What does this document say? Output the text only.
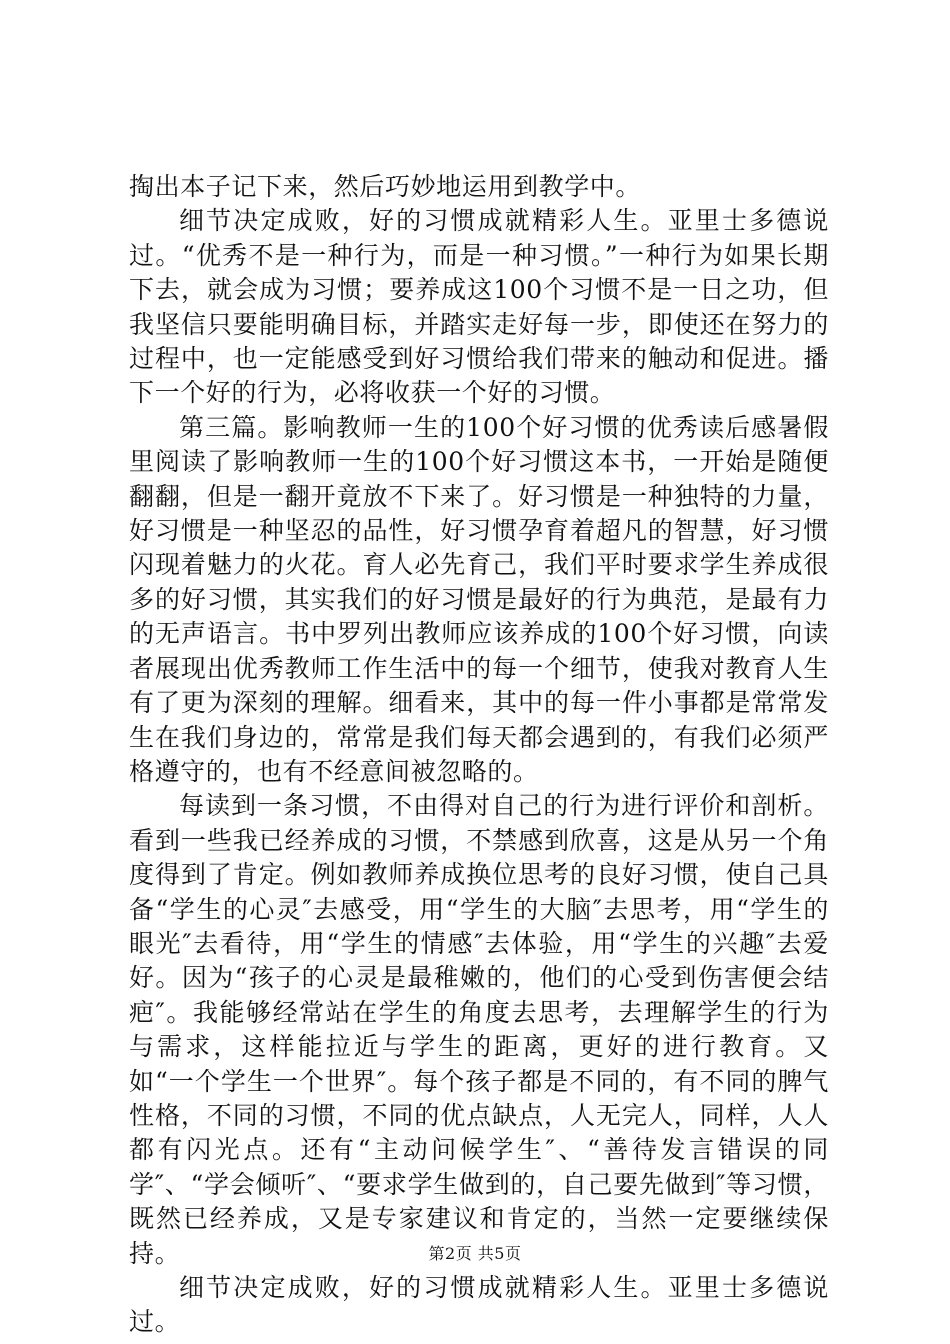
掏出本子记下来，然后巧妙地运用到教学中。

细节决定成败，好的习惯成就精彩人生。亚里士多德说过。“优秀不是一种行为，而是一种习惯。”一种行为如果长期下去，就会成为习惯；要养成这100个习惯不是一日之功，但我坚信只要能明确目标，并踏实走好每一步，即使还在努力的过程中，也一定能感受到好习惯给我们带来的触动和促进。播下一个好的行为，必将收获一个好的习惯。

第三篇。影响教师一生的100个好习惯的优秀读后感暑假里阅读了影响教师一生的100个好习惯这本书，一开始是随便翻翻，但是一翻开竟放不下来了。好习惯是一种独特的力量，好习惯是一种坚忍的品性，好习惯孕育着超凡的智慧，好习惯闪现着魅力的火花。育人必先育己，我们平时要求学生养成很多的好习惯，其实我们的好习惯是最好的行为典范，是最有力的无声语言。书中罗列出教师应该养成的100个好习惯，向读者展现出优秀教师工作生活中的每一个细节，使我对教育人生有了更为深刻的理解。细看来，其中的每一件小事都是常常发生在我们身边的，常常是我们每天都会遇到的，有我们必须严格遵守的，也有不经意间被忽略的。

每读到一条习惯，不由得对自己的行为进行评价和剖析。看到一些我已经养成的习惯，不禁感到欣喜，这是从另一个角度得到了肯定。例如教师养成换位思考的良好习惯，使自己具备“学生的心灵″去感受，用“学生的大脑″去思考，用“学生的眼光″去看待，用“学生的情感″去体验，用“学生的兴趣″去爱好。因为“孩子的心灵是最稚嫩的，他们的心受到伤害便会结疤″。我能够经常站在学生的角度去思考，去理解学生的行为与需求，这样能拉近与学生的距离，更好的进行教育。又如“一个学生一个世界″。每个孩子都是不同的，有不同的脾气性格，不同的习惯，不同的优点缺点，人无完人，同样，人人都有闪光点。还有“主动问候学生″、“善待发言错误的同学″、“学会倾听″、“要求学生做到的，自己要先做到″等习惯，既然已经养成，又是专家建议和肯定的，当然一定要继续保持。

细节决定成败，好的习惯成就精彩人生。亚里士多德说过。

第2页 共5页
